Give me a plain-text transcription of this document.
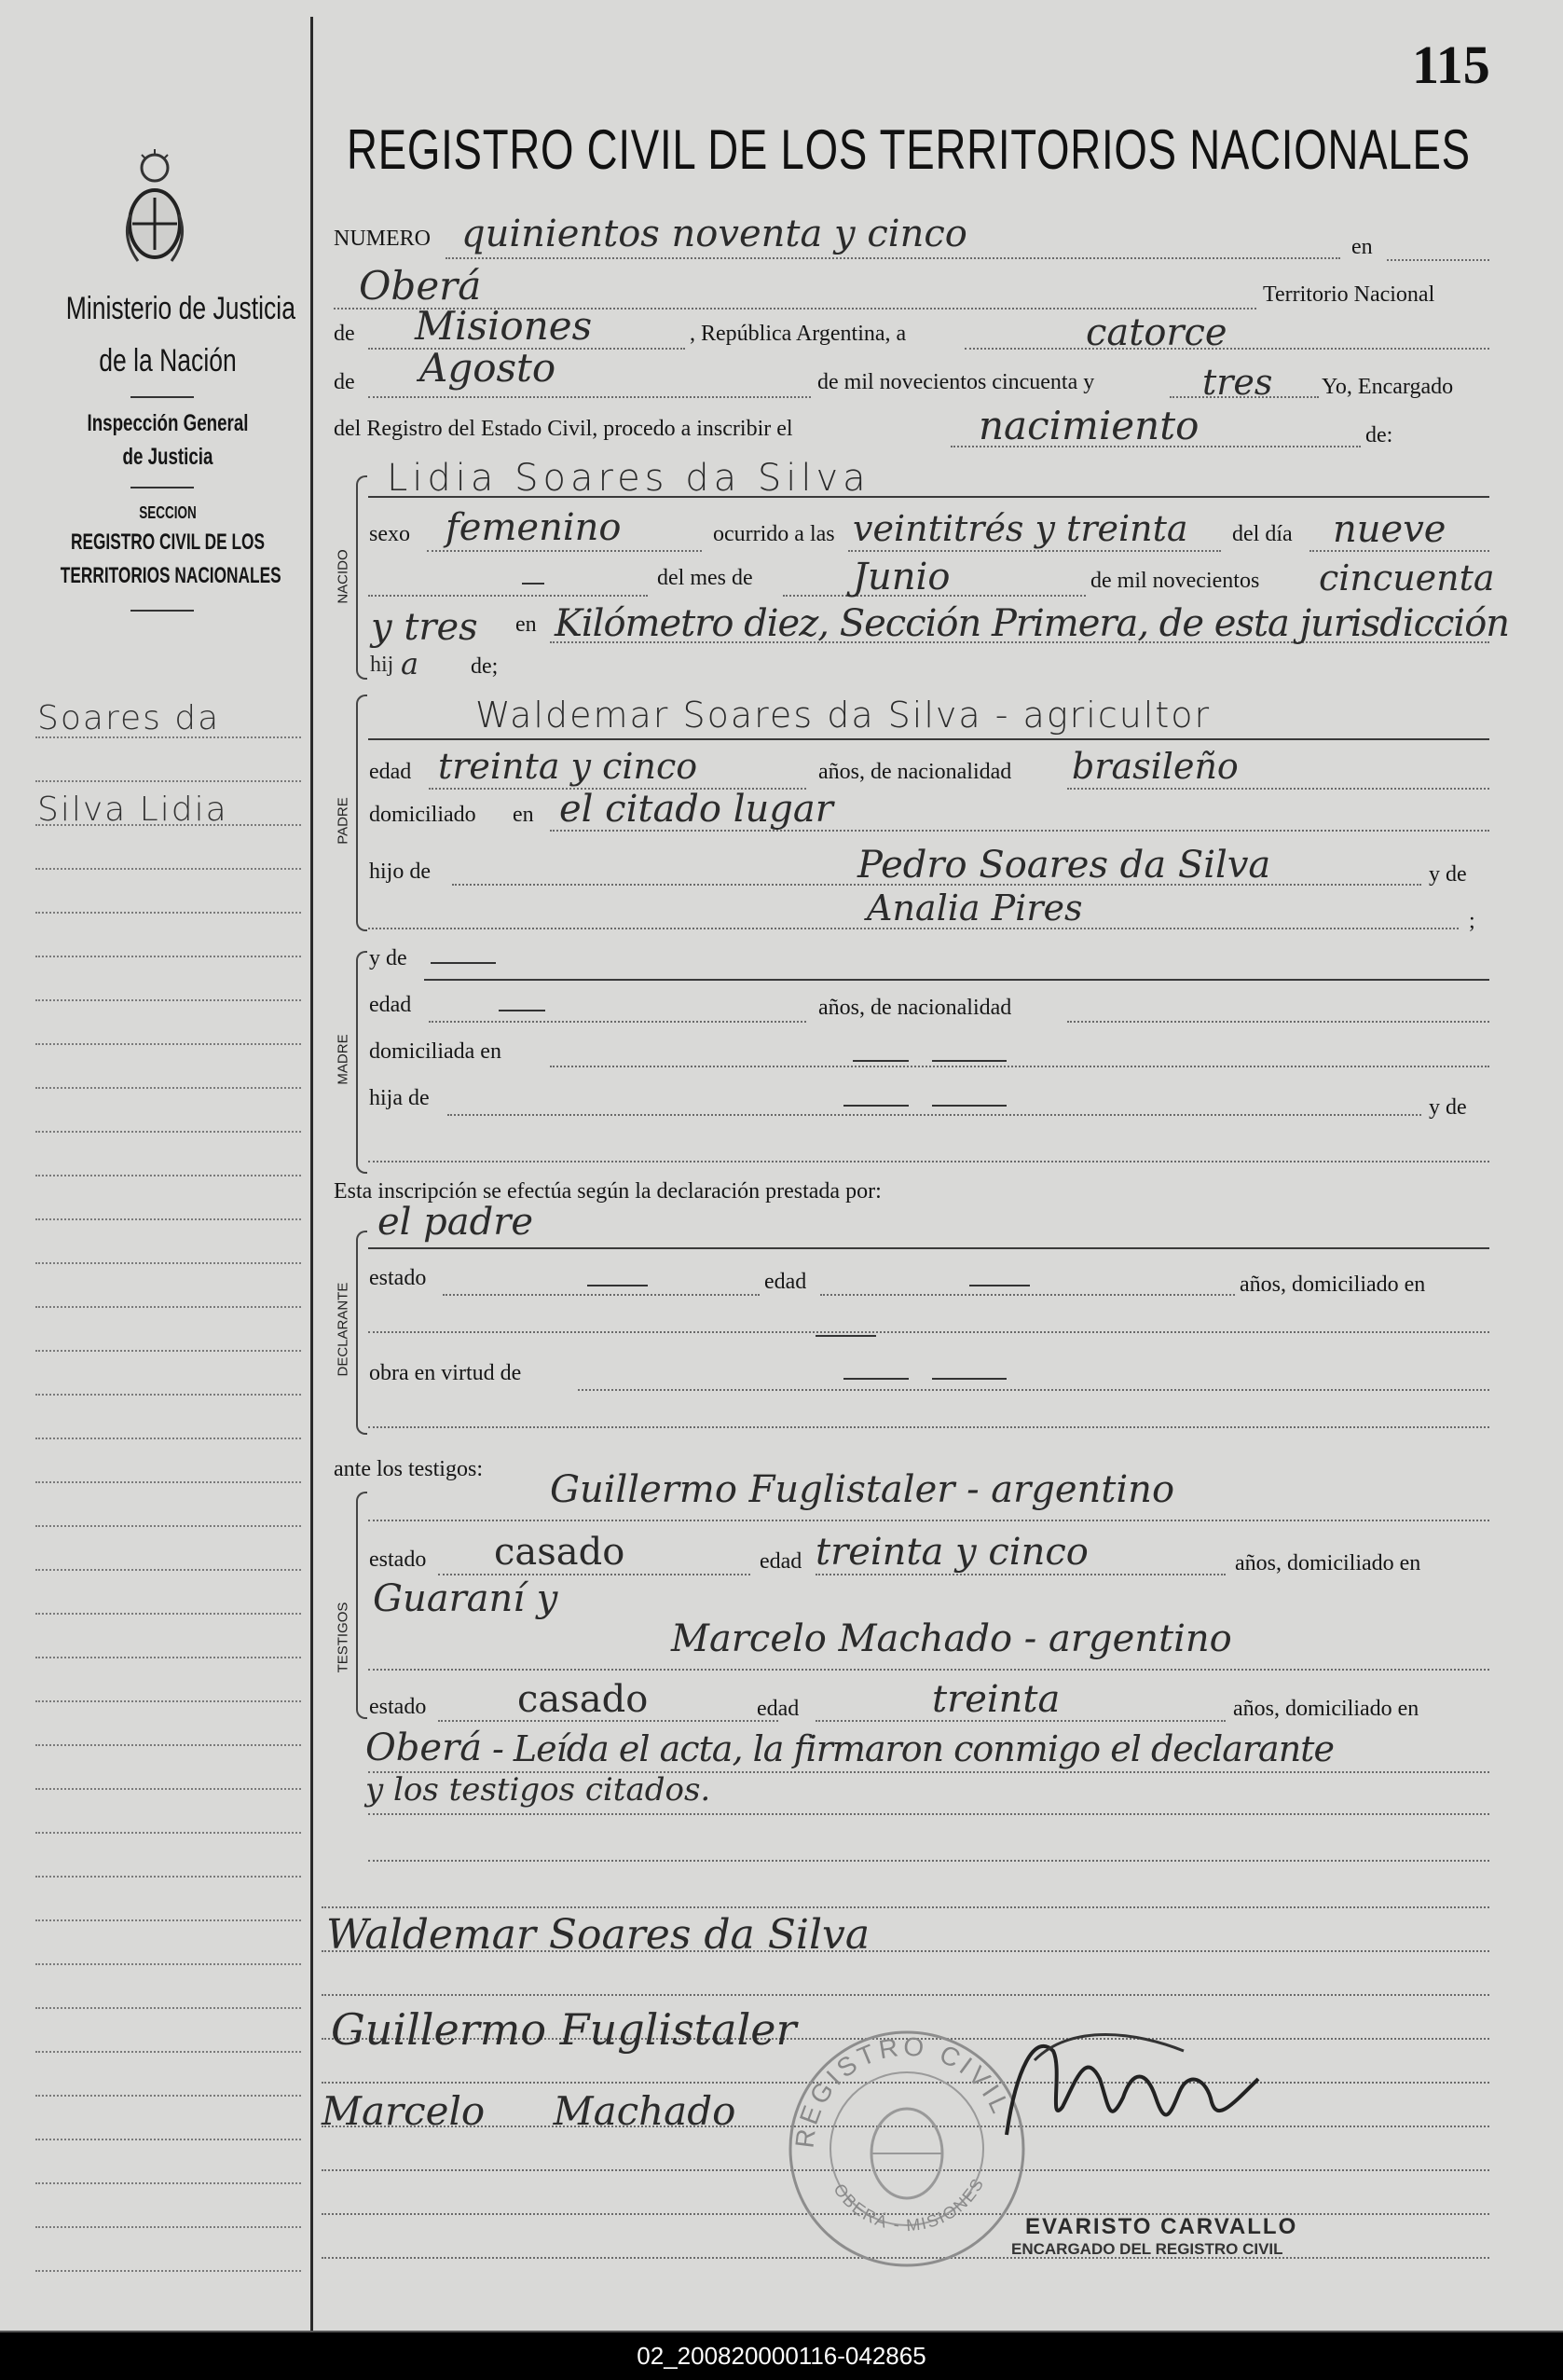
115
Ministerio de Justicia
de la Nación
Inspección General
de Justicia
SECCION
REGISTRO CIVIL DE LOS
TERRITORIOS NACIONALES
Soares da
Silva Lidia
REGISTRO CIVIL DE LOS TERRITORIOS NACIONALES
NUMERO quinientos noventa y cinco	en
Oberá	Territorio Nacional
de Misiones	, República Argentina, a	catorce
de Agosto	de mil novecientos cincuenta y	tres Yo, Encargado
del Registro del Estado Civil, procedo a inscribir el	nacimiento	de:
NACIDO
Lidia Soares da Silva
sexo femenino	ocurrido a las veintitrés y treinta del día nueve
del mes de	Junio	de mil novecientos cincuenta
y tres en Kilómetro diez, Sección Primera, de esta jurisdicción
hij a de;
PADRE
Waldemar Soares da Silva - agricultor
edad treinta y cinco	años, de nacionalidad brasileño
domiciliado en el citado lugar
hijo de	Pedro Soares da Silva	y de
Analia Pires	;
MADRE
y de
edad	años, de nacionalidad
domiciliada en
hija de	y de
Esta inscripción se efectúa según la declaración prestada por:
DECLARANTE
el padre
estado	edad	años, domiciliado en
obra en virtud de
ante los testigos:
TESTIGOS
Guillermo Fuglistaler - argentino
estado casado	edad treinta y cinco	años, domiciliado en
Guaraní y
Marcelo Machado - argentino
estado casado	edad	treinta	años, domiciliado en
Oberá - Leída el acta, la firmaron conmigo el declarante
y los testigos citados.
Waldemar Soares da Silva
Guillermo Fuglistaler
Marcelo Machado
REGISTRO CIVIL
OBERÁ - MISIONES
EVARISTO CARVALLO
ENCARGADO DEL REGISTRO CIVIL
02_200820000116-042865
